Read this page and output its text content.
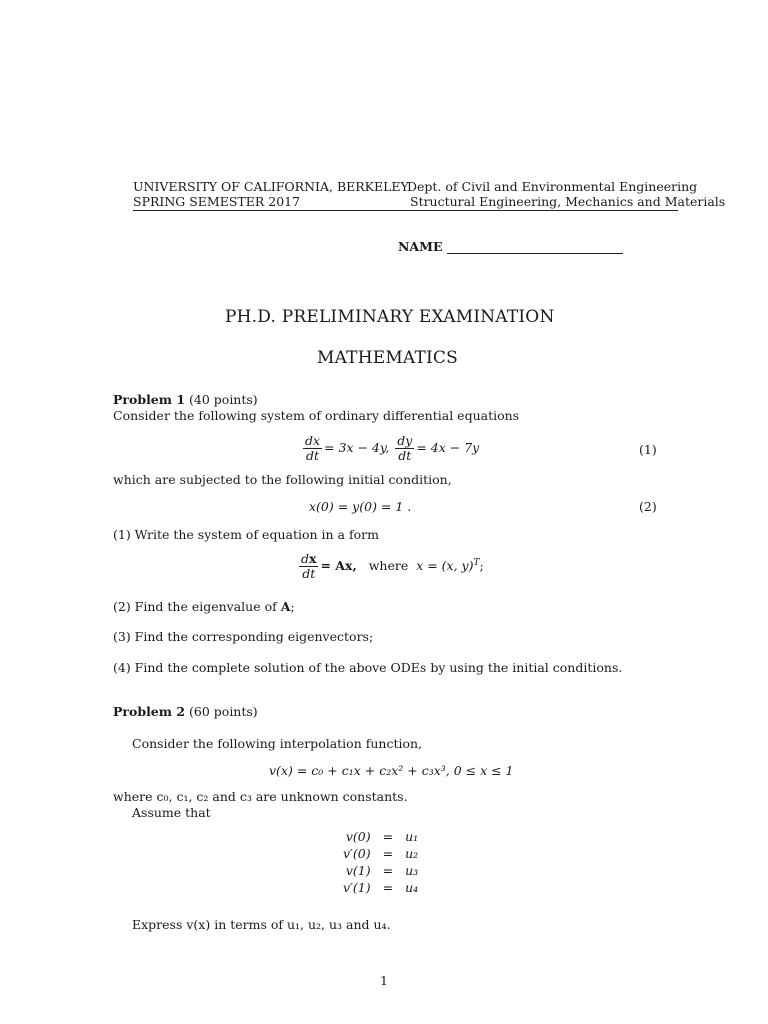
UNIVERSITY OF CALIFORNIA, BERKELEY
SPRING SEMESTER 2017
Dept. of Civil and Environmental Engineering
Structural Engineering, Mechanics and Materials
NAME
PH.D. PRELIMINARY EXAMINATION
MATHEMATICS
Problem 1 (40 points)
Consider the following system of ordinary differential equations
$\frac{dx}{dt} = 3x - 4y$, $\frac{dy}{dt} = 4x - 7y$	(1)
which are subjected to the following initial condition,
x(0) = y(0) = 1 .	(2)
(1) Write the system of equation in a form
$\frac{dx}{dt} = Ax$, where x = (x, y)$^T$;
(2) Find the eigenvalue of A;
(3) Find the corresponding eigenvectors;
(4) Find the complete solution of the above ODEs by using the initial conditions.
Problem 2 (60 points)
Consider the following interpolation function,
v(x) = c₀ + c₁x + c₂x² + c₃x³, 0 ≤ x ≤ 1
where c₀, c₁, c₂ and c₃ are unknown constants.
Assume that
v(0)	=	u₁
v′(0)	=	u₂
v(1)	=	u₃
v′(1)	=	u₄
Express v(x) in terms of u₁, u₂, u₃ and u₄.
1
